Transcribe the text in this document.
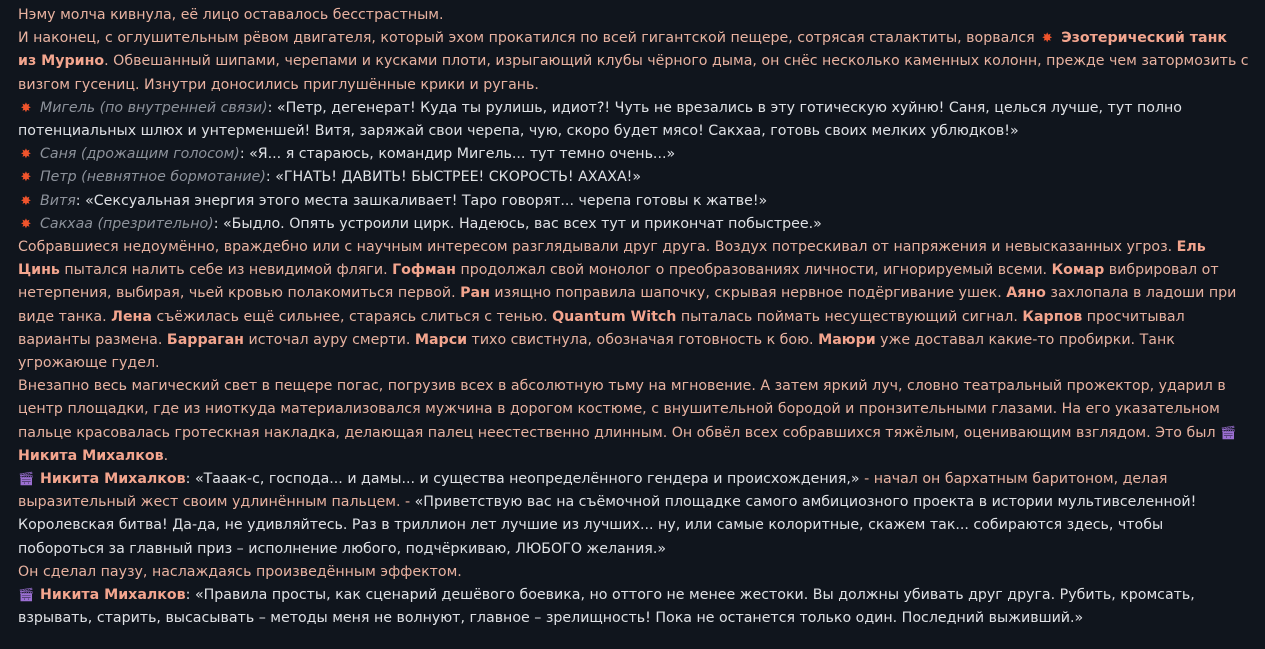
Нэму молча кивнула, её лицо оставалось бесстрастным.

И наконец, с оглушительным рёвом двигателя, который эхом прокатился по всей гигантской пещере, сотрясая сталактиты, ворвался ✸ Эзотерический танк из Мурино. Обвешанный шипами, черепами и кусками плоти, изрыгающий клубы чёрного дыма, он снёс несколько каменных колонн, прежде чем затормозить с визгом гусениц. Изнутри доносились приглушённые крики и ругань.

✸ Мигель (по внутренней связи): «Петр, дегенерат! Куда ты рулишь, идиот?! Чуть не врезались в эту готическую хуйню! Саня, целься лучше, тут полно потенциальных шлюх и унтерменшей! Витя, заряжай свои черепа, чую, скоро будет мясо! Сакхаа, готовь своих мелких ублюдков!»

✸ Саня (дрожащим голосом): «Я... я стараюсь, командир Мигель... тут темно очень...»

✸ Петр (невнятное бормотание): «ГНАТЬ! ДАВИТЬ! БЫСТРЕЕ! СКОРОСТЬ! АХАХА!»

✸ Витя: «Сексуальная энергия этого места зашкаливает! Таро говорят... черепа готовы к жатве!»

✸ Сакхаа (презрительно): «Быдло. Опять устроили цирк. Надеюсь, вас всех тут и прикончат побыстрее.»

Собравшиеся недоумённо, враждебно или с научным интересом разглядывали друг друга. Воздух потрескивал от напряжения и невысказанных угроз. Ель Цинь пытался налить себе из невидимой фляги. Гофман продолжал свой монолог о преобразованиях личности, игнорируемый всеми. Комар вибрировал от нетерпения, выбирая, чьей кровью полакомиться первой. Ран изящно поправила шапочку, скрывая нервное подёргивание ушек. Аяно захлопала в ладоши при виде танка. Лена съёжилась ещё сильнее, стараясь слиться с тенью. Quantum Witch пыталась поймать несуществующий сигнал. Карпов просчитывал варианты размена. Барраган источал ауру смерти. Марси тихо свистнула, обозначая готовность к бою. Маюри уже доставал какие-то пробирки. Танк угрожающе гудел.

Внезапно весь магический свет в пещере погас, погрузив всех в абсолютную тьму на мгновение. А затем яркий луч, словно театральный прожектор, ударил в центр площадки, где из ниоткуда материализовался мужчина в дорогом костюме, с внушительной бородой и пронзительными глазами. На его указательном пальце красовалась гротескная накладка, делающая палец неестественно длинным. Он обвёл всех собравшихся тяжёлым, оценивающим взглядом. Это был 🎬︎Никита Михалков.

🎬︎ Никита Михалков: «Тааак-с, господа... и дамы... и существа неопределённого гендера и происхождения,» - начал он бархатным баритоном, делая выразительный жест своим удлинённым пальцем. - «Приветствую вас на съёмочной площадке самого амбициозного проекта в истории мультивселенной! Королевская битва! Да-да, не удивляйтесь. Раз в триллион лет лучшие из лучших... ну, или самые колоритные, скажем так... собираются здесь, чтобы побороться за главный приз – исполнение любого, подчёркиваю, ЛЮБОГО желания.»

Он сделал паузу, наслаждаясь произведённым эффектом.

🎬︎ Никита Михалков: «Правила просты, как сценарий дешёвого боевика, но оттого не менее жестоки. Вы должны убивать друг друга. Рубить, кромсать, взрывать, старить, высасывать – методы меня не волнуют, главное – зрелищность! Пока не останется только один. Последний выживший.»
